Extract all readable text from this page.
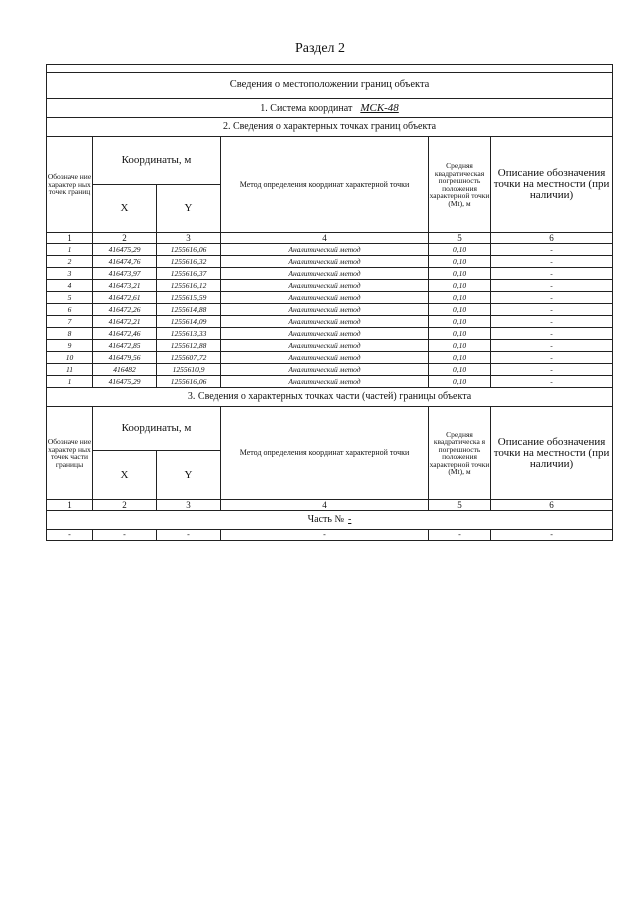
Раздел 2

Сведения о местоположении границ объекта					
1. Система координат МСК-48					
2. Сведения о характерных точках границ объекта					
Обозначе ние характер ных точек границ	Координаты, м		Метод определения координат характерной точки	Средняя квадратическая погрешность положения характерной точки (Mt), м	Описание обозначения точки на местности (при наличии)
	X	Y			
1	2	3	4	5	6
1	416475,29	1255616,06	Аналитический метод	0,10	-
2	416474,76	1255616,32	Аналитический метод	0,10	-
3	416473,97	1255616,37	Аналитический метод	0,10	-
4	416473,21	1255616,12	Аналитический метод	0,10	-
5	416472,61	1255615,59	Аналитический метод	0,10	-
6	416472,26	1255614,88	Аналитический метод	0,10	-
7	416472,21	1255614,09	Аналитический метод	0,10	-
8	416472,46	1255613,33	Аналитический метод	0,10	-
9	416472,85	1255612,88	Аналитический метод	0,10	-
10	416479,56	1255607,72	Аналитический метод	0,10	-
11	416482	1255610,9	Аналитический метод	0,10	-
1	416475,29	1255616,06	Аналитический метод	0,10	-
3. Сведения о характерных точках части (частей) границы объекта					
Обозначе ние характер ных точек части границы	Координаты, м		Метод определения координат характерной точки	Средняя квадратическа я погрешность положения характерной точки (Mt), м	Описание обозначения точки на местности (при наличии)
	X	Y			
1	2	3	4	5	6
Часть № -					
-	-	-	-	-	-
